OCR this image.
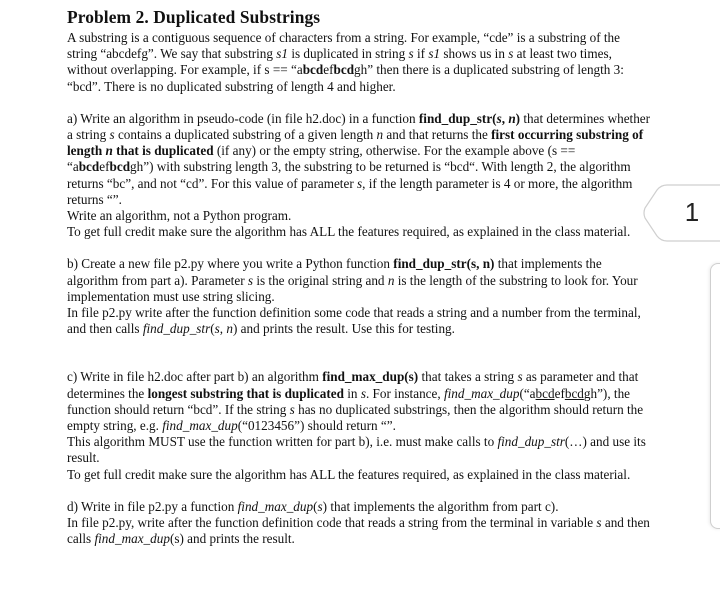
Problem 2. Duplicated Substrings

A substring is a contiguous sequence of characters from a string. For example, “cde” is a substring of the string “abcdefg”. We say that substring s1 is duplicated in string s if s1 shows us in s at least two times, without overlapping. For example, if s == “abcdefbcdgh” then there is a duplicated substring of length 3: “bcd”. There is no duplicated substring of length 4 and higher.

a) Write an algorithm in pseudo-code (in file h2.doc) in a function find_dup_str(s, n) that determines whether a string s contains a duplicated substring of a given length n and that returns the first occurring substring of length n that is duplicated (if any) or the empty string, otherwise. For the example above (s == “abcdefbcdgh”) with substring length 3, the substring to be returned is “bcd“. With length 2, the algorithm returns “bc”, and not “cd”. For this value of parameter s, if the length parameter is 4 or more, the algorithm returns “”.

Write an algorithm, not a Python program.

To get full credit make sure the algorithm has ALL the features required, as explained in the class material.

b) Create a new file p2.py where you write a Python function find_dup_str(s, n) that implements the algorithm from part a). Parameter s is the original string and n is the length of the substring to look for. Your implementation must use string slicing.

In file p2.py write after the function definition some code that reads a string and a number from the terminal, and then calls find_dup_str(s, n) and prints the result. Use this for testing.

c) Write in file h2.doc after part b) an algorithm find_max_dup(s) that takes a string s as parameter and that determines the longest substring that is duplicated in s. For instance, find_max_dup(“abcdefbcdgh”), the function should return “bcd”. If the string s has no duplicated substrings, then the algorithm should return the empty string, e.g. find_max_dup(“0123456”) should return “”.

This algorithm MUST use the function written for part b), i.e. must make calls to find_dup_str(…) and use its result.

To get full credit make sure the algorithm has ALL the features required, as explained in the class material.

d) Write in file p2.py a function find_max_dup(s) that implements the algorithm from part c).

In file p2.py, write after the function definition code that reads a string from the terminal in variable s and then calls find_max_dup(s) and prints the result.

1
